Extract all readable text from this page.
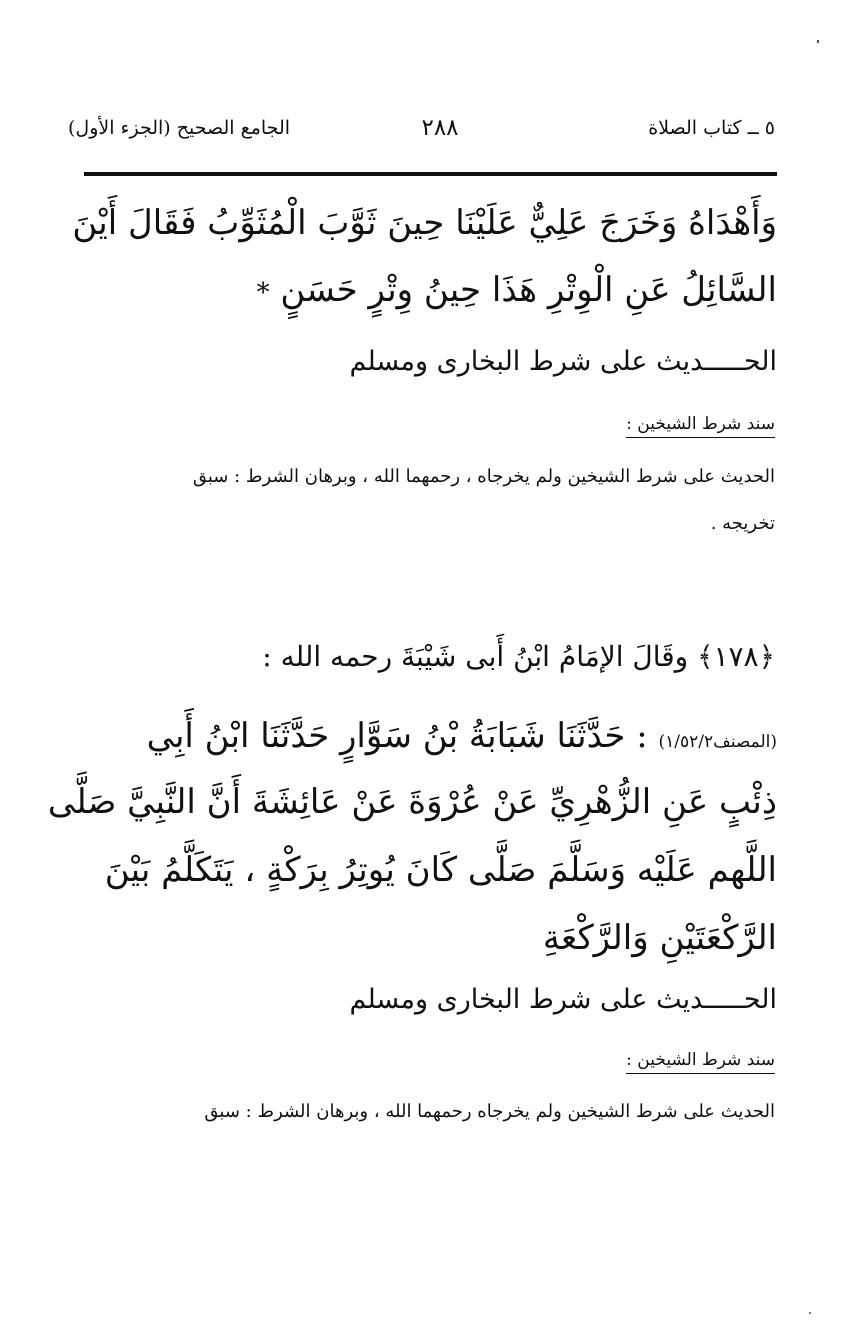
الجامع الصحيح (الجزء الأول)	٢٨٨	٥ ــ كتاب الصلاة
وَأَهْدَاهُ وَخَرَجَ عَلِيٌّ عَلَيْنَا حِينَ ثَوَّبَ الْمُثَوِّبُ فَقَالَ أَيْنَ
السَّائِلُ عَنِ الْوِتْرِ هَذَا حِينُ وِتْرٍ حَسَنٍ *
الحـــــديث على شرط البخارى ومسلم
سند شرط الشيخين :
الحديث على شرط الشيخين ولم يخرجاه ، رحمهما الله ، وبرهان الشرط : سبق
تخريجه .
﴿١٧٨﴾ وقَالَ الإمَامُ ابْنُ أَبى شَيْبَةَ رحمه الله :
(المصنف١/٥٢/٢) : حَدَّثَنَا شَبَابَةُ بْنُ سَوَّارٍ حَدَّثَنَا ابْنُ أَبِي
ذِئْبٍ عَنِ الزُّهْرِيِّ عَنْ عُرْوَةَ عَنْ عَائِشَةَ أَنَّ النَّبِيَّ صَلَّى
اللَّهم عَلَيْه وَسَلَّمَ صَلَّى كَانَ يُوتِرُ بِرَكْةٍ ، يَتَكَلَّمُ بَيْنَ
الرَّكْعَتَيْنِ وَالرَّكْعَةِ
الحـــــديث على شرط البخارى ومسلم
سند شرط الشيخين :
الحديث على شرط الشيخين ولم يخرجاه رحمهما الله ، وبرهان الشرط : سبق
